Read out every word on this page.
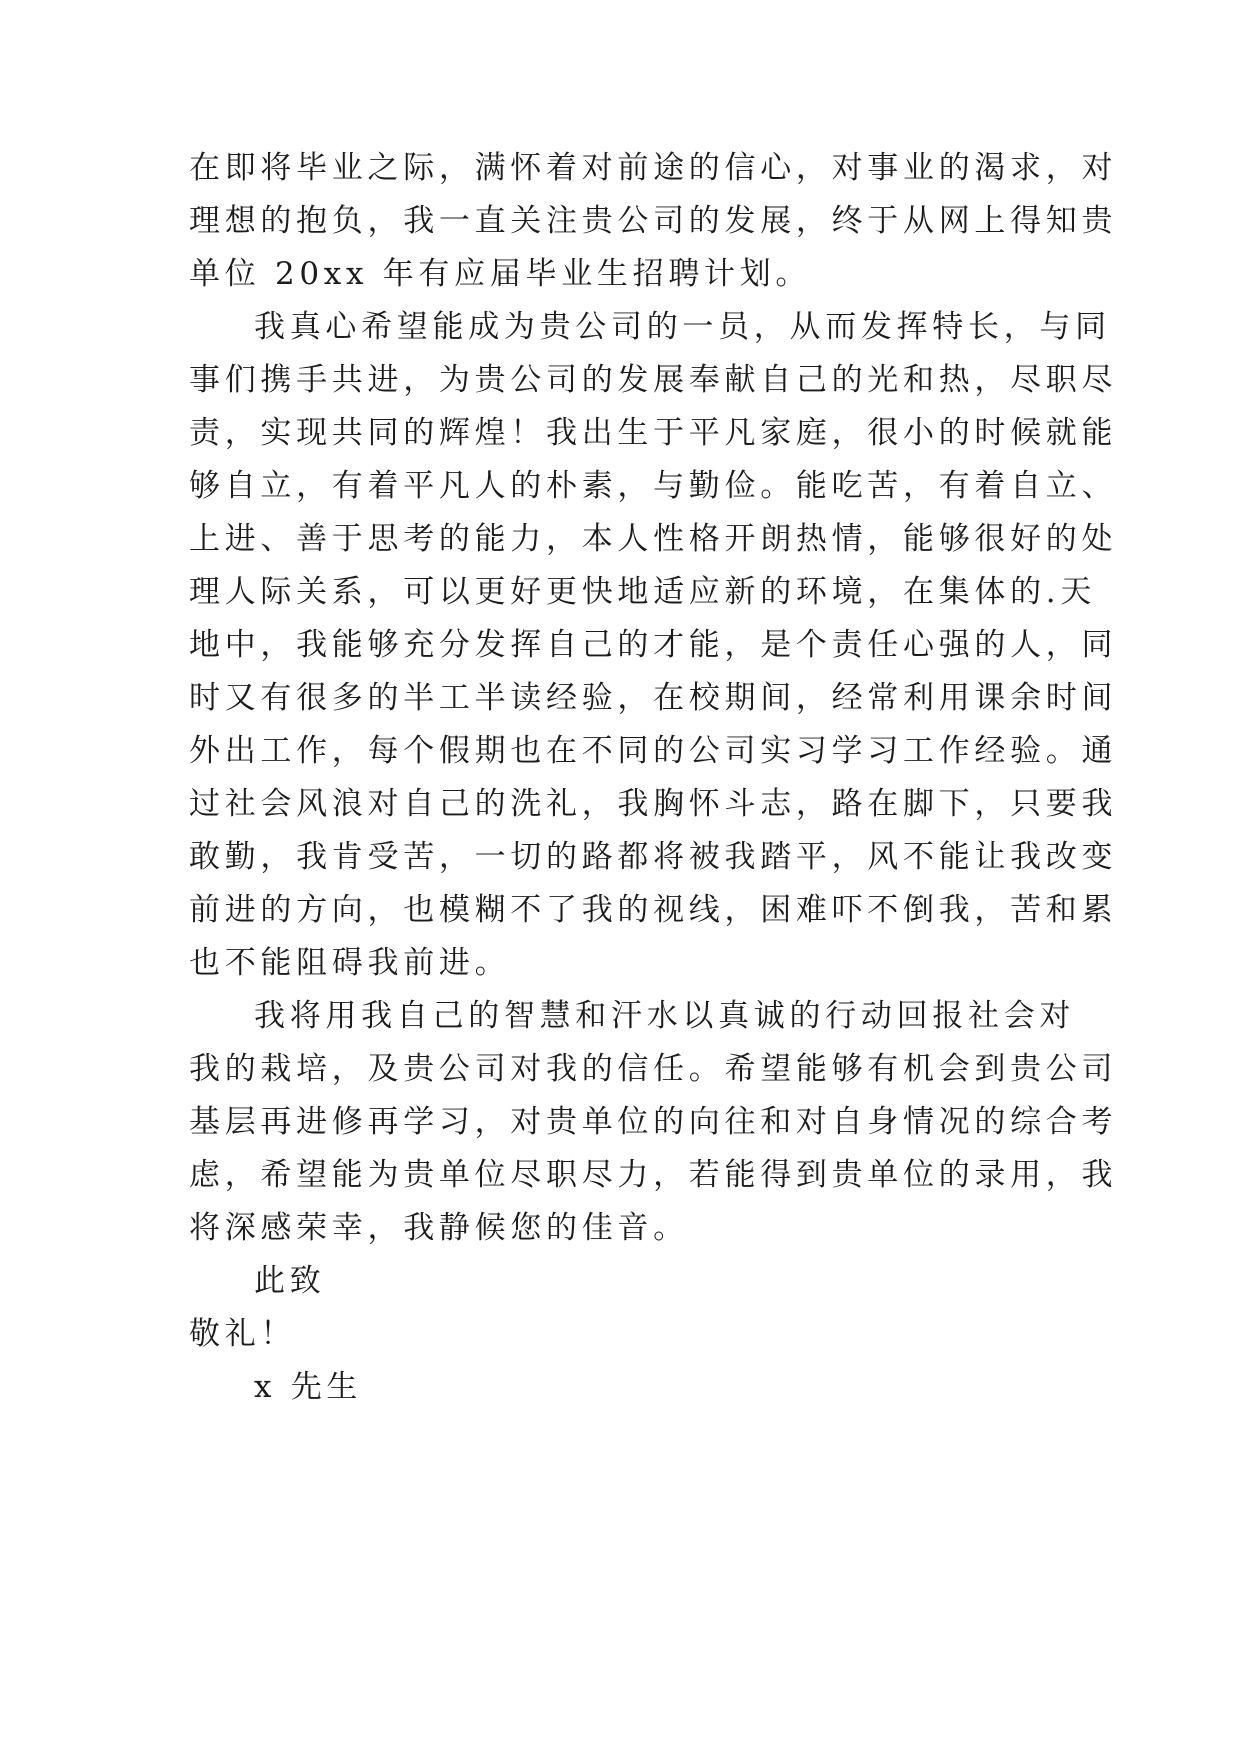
在即将毕业之际，满怀着对前途的信心，对事业的渴求，对
理想的抱负，我一直关注贵公司的发展，终于从网上得知贵
单位 20xx 年有应届毕业生招聘计划。
我真心希望能成为贵公司的一员，从而发挥特长，与同
事们携手共进，为贵公司的发展奉献自己的光和热，尽职尽
责，实现共同的辉煌！我出生于平凡家庭，很小的时候就能
够自立，有着平凡人的朴素，与勤俭。能吃苦，有着自立、
上进、善于思考的能力，本人性格开朗热情，能够很好的处
理人际关系，可以更好更快地适应新的环境，在集体的.天
地中，我能够充分发挥自己的才能，是个责任心强的人，同
时又有很多的半工半读经验，在校期间，经常利用课余时间
外出工作，每个假期也在不同的公司实习学习工作经验。通
过社会风浪对自己的洗礼，我胸怀斗志，路在脚下，只要我
敢勤，我肯受苦，一切的路都将被我踏平，风不能让我改变
前进的方向，也模糊不了我的视线，困难吓不倒我，苦和累
也不能阻碍我前进。
我将用我自己的智慧和汗水以真诚的行动回报社会对
我的栽培，及贵公司对我的信任。希望能够有机会到贵公司
基层再进修再学习，对贵单位的向往和对自身情况的综合考
虑，希望能为贵单位尽职尽力，若能得到贵单位的录用，我
将深感荣幸，我静候您的佳音。
此致
敬礼！
x 先生
